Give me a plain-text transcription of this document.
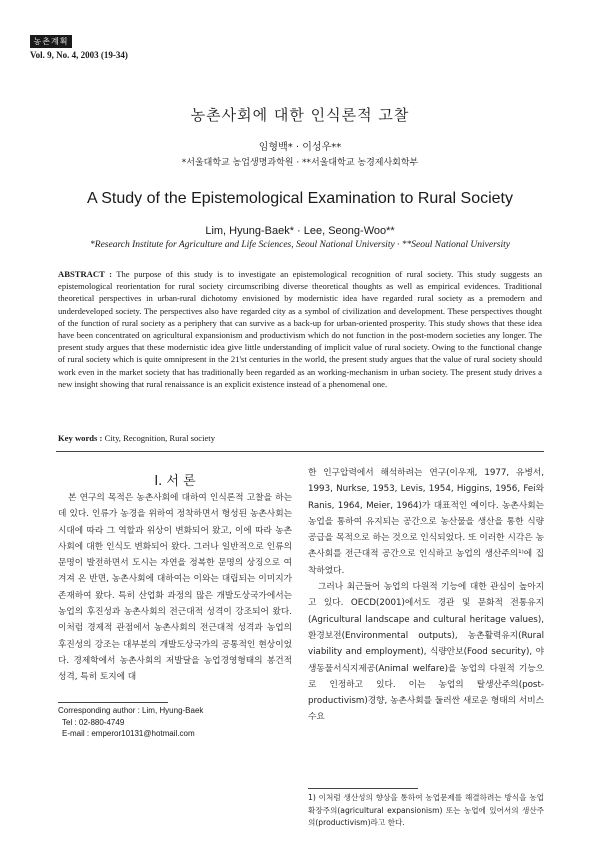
농촌계획
Vol. 9, No. 4, 2003 (19-34)
농촌사회에 대한 인식론적 고찰
임형백* · 이성우**
*서울대학교 농업생명과학원 · **서울대학교 농경제사회학부
A Study of the Epistemological Examination to Rural Society
Lim, Hyung-Baek* · Lee, Seong-Woo**
*Research Institute for Agriculture and Life Sciences, Seoul National University · **Seoul National University
ABSTRACT : The purpose of this study is to investigate an epistemological recognition of rural society. This study suggests an epistemological reorientation for rural society circumscribing diverse theoretical thoughts as well as empirical evidences. Traditional theoretical perspectives in urban-rural dichotomy envisioned by modernistic idea have regarded rural society as a premodern and underdeveloped society. The perspectives also have regarded city as a symbol of civilization and development. These perspectives thought of the function of rural society as a periphery that can survive as a back-up for urban-oriented prosperity. This study shows that these idea have been concentrated on agricultural expansionism and productivism which do not function in the post-modern societies any longer. The present study argues that these modernistic idea give little understanding of implicit value of rural society. Owing to the functional change of rural society which is quite omnipresent in the 21'st centuries in the world, the present study argues that the value of rural society should work even in the market society that has traditionally been regarded as an working-mechanism in urban society. The present study drives a new insight showing that rural renaissance is an explicit existence instead of a phenomenal one.
Key words : City, Recognition, Rural society
I. 서 론

본 연구의 목적은 농촌사회에 대하여 인식론적 고찰을 하는데 있다. 인류가 농경을 위하여 정착하면서 형성된 농촌사회는 시대에 따라 그 역할과 위상이 변화되어 왔고, 이에 따라 농촌사회에 대한 인식도 변화되어 왔다. 그러나 일반적으로 인류의 문명이 발전하면서 도시는 자연을 정복한 문명의 상징으로 여겨져 온 반면, 농촌사회에 대하여는 이와는 대립되는 이미지가 존재하여 왔다. 특히 산업화 과정의 많은 개발도상국가에서는 농업의 후진성과 농촌사회의 전근대적 성격이 강조되어 왔다. 이처럼 경제적 관점에서 농촌사회의 전근대적 성격과 농업의 후진성의 강조는 대부분의 개발도상국가의 공통적인 현상이었다. 경제학에서 농촌사회의 저발달을 농업경영형태의 봉건적 성격, 특히 토지에 대

한 인구압력에서 해석하려는 연구(이우재, 1977, 유병서, 1993, Nurkse, 1953, Levis, 1954, Higgins, 1956, Fei와 Ranis, 1964, Meier, 1964)가 대표적인 예이다. 농촌사회는 농업을 통하여 유지되는 공간으로 농산물을 생산을 통한 식량공급을 목적으로 하는 것으로 인식되었다. 또 이러한 시각은 농촌사회를 전근대적 공간으로 인식하고 농업의 생산주의¹⁾에 집착하였다.

그러나 최근들어 농업의 다원적 기능에 대한 관심이 높아지고 있다. OECD(2001)에서도 경관 및 문화적 전통유지(Agricultural landscape and cultural heritage values), 환경보전(Environmental outputs), 농촌활력유지(Rural viability and employment), 식량안보(Food security), 야생동물서식지제공(Animal welfare)을 농업의 다원적 기능으로 인정하고 있다. 이는 농업의 탈생산주의(post-productivism)경향, 농촌사회를 둘러싼 새로운 형태의 서비스 수요

Corresponding author : Lim, Hyung-Baek
Tel : 02-880-4749
E-mail : emperor10131@hotmail.com
1) 이처럼 생산성의 향상을 통하여 농업문제를 해결하려는 방식을 농업확장주의(agricultural expansionism) 또는 농업에 있어서의 생산주의(productivism)라고 한다.
